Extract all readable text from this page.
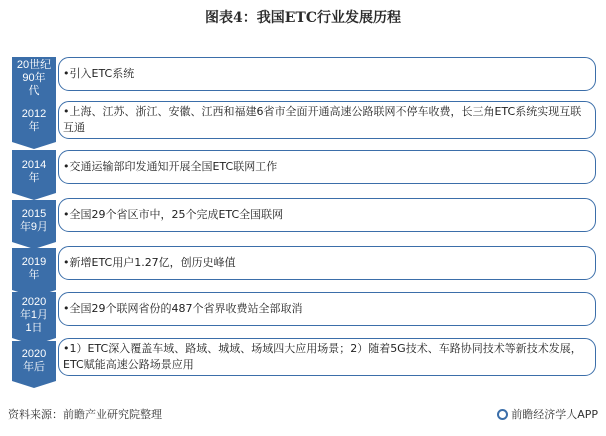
图表4：我国ETC行业发展历程
20世纪
90年
代
•引入ETC系统
2012
年
•上海、江苏、浙江、安徽、江西和福建6省市全面开通高速公路联网不停车收费，长三角ETC系统实现互联互通
2014
年
•交通运输部印发通知开展全国ETC联网工作
2015
年9月
•全国29个省区市中，25个完成ETC全国联网
2019
年
•新增ETC用户1.27亿，创历史峰值
2020
年1月
1日
•全国29个联网省份的487个省界收费站全部取消
2020
年后
•1）ETC深入覆盖车域、路域、城域、场域四大应用场景；2）随着5G技术、车路协同技术等新技术发展，ETC赋能高速公路场景应用
资料来源：前瞻产业研究院整理	前瞻经济学人APP
